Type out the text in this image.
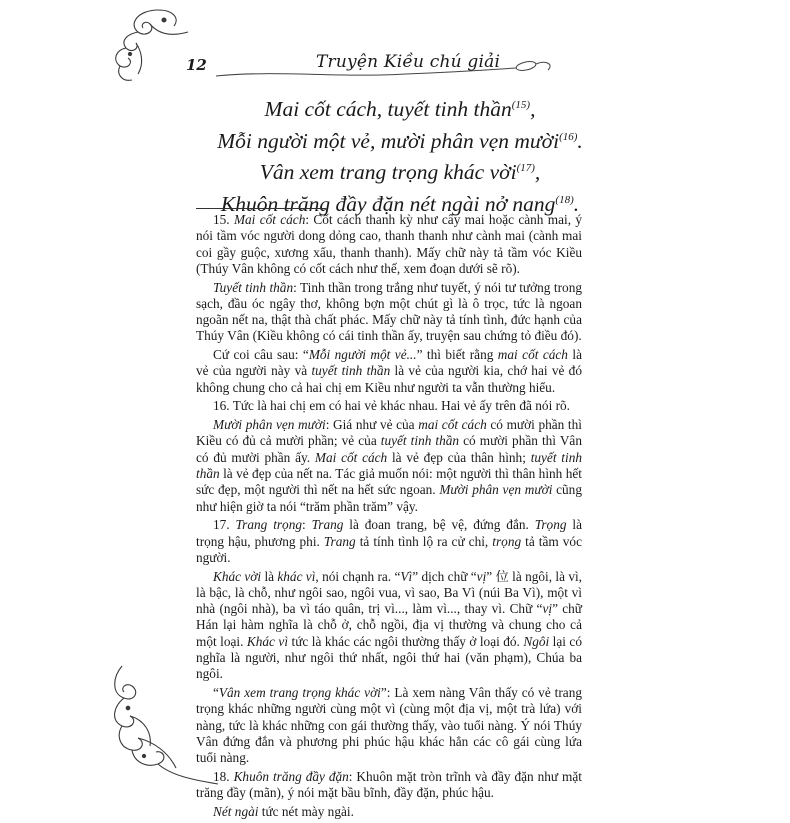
12	Truyện Kiều chú giải
Mai cốt cách, tuyết tinh thần$^{(15)}$,
Mỗi người một vẻ, mười phân vẹn mười$^{(16)}$.
Vân xem trang trọng khác vời$^{(17)}$,
Khuôn trăng đầy đặn nét ngài nở nang$^{(18)}$.

15. Mai cốt cách: Cốt cách thanh kỳ như cây mai hoặc cành mai, ý nói tầm vóc người dong dỏng cao, thanh thanh như cành mai (cành mai coi gầy guộc, xương xẩu, thanh thanh). Mấy chữ này tả tầm vóc Kiều (Thúy Vân không có cốt cách như thế, xem đoạn dưới sẽ rõ).

Tuyết tinh thần: Tinh thần trong trắng như tuyết, ý nói tư tưởng trong sạch, đầu óc ngây thơ, không bợn một chút gì là ô trọc, tức là ngoan ngoãn nết na, thật thà chất phác. Mấy chữ này tả tính tình, đức hạnh của Thúy Vân (Kiều không có cái tinh thần ấy, truyện sau chứng tỏ điều đó).

Cứ coi câu sau: “Mỗi người một vẻ...” thì biết rằng mai cốt cách là vẻ của người này và tuyết tinh thần là vẻ của người kia, chớ hai vẻ đó không chung cho cả hai chị em Kiều như người ta vẫn thường hiểu.

16. Tức là hai chị em có hai vẻ khác nhau. Hai vẻ ấy trên đã nói rõ.

Mười phân vẹn mười: Giá như vẻ của mai cốt cách có mười phần thì Kiều có đủ cả mười phần; vẻ của tuyết tinh thần có mười phần thì Vân có đủ mười phần ấy. Mai cốt cách là vẻ đẹp của thân hình; tuyết tinh thần là vẻ đẹp của nết na. Tác giả muốn nói: một người thì thân hình hết sức đẹp, một người thì nết na hết sức ngoan. Mười phân vẹn mười cũng như hiện giờ ta nói “trăm phần trăm” vậy.

17. Trang trọng: Trang là đoan trang, bệ vệ, đứng đắn. Trọng là trọng hậu, phương phi. Trang tả tính tình lộ ra cử chỉ, trọng tả tầm vóc người.

Khác vời là khác vì, nói chạnh ra. “Vì” dịch chữ “vị” 位 là ngôi, là vì, là bậc, là chỗ, như ngôi sao, ngôi vua, vì sao, Ba Vì (núi Ba Vì), một vì nhà (ngôi nhà), ba vì táo quân, trị vì..., làm vì..., thay vì. Chữ “vị” chữ Hán lại hàm nghĩa là chỗ ở, chỗ ngồi, địa vị thường và chung cho cả một loại. Khác vì tức là khác các ngôi thường thấy ở loại đó. Ngôi lại có nghĩa là người, như ngôi thứ nhất, ngôi thứ hai (văn phạm), Chúa ba ngôi.

“Vân xem trang trọng khác vời”: Là xem nàng Vân thấy có vẻ trang trọng khác những người cùng một vì (cùng một địa vị, một trà lứa) với nàng, tức là khác những con gái thường thấy, vào tuổi nàng. Ý nói Thúy Vân đứng đắn và phương phi phúc hậu khác hẳn các cô gái cùng lứa tuổi nàng.

18. Khuôn trăng đầy đặn: Khuôn mặt tròn trĩnh và đầy đặn như mặt trăng đầy (mãn), ý nói mặt bầu bĩnh, đầy đặn, phúc hậu.

Nét ngài tức nét mày ngài.
